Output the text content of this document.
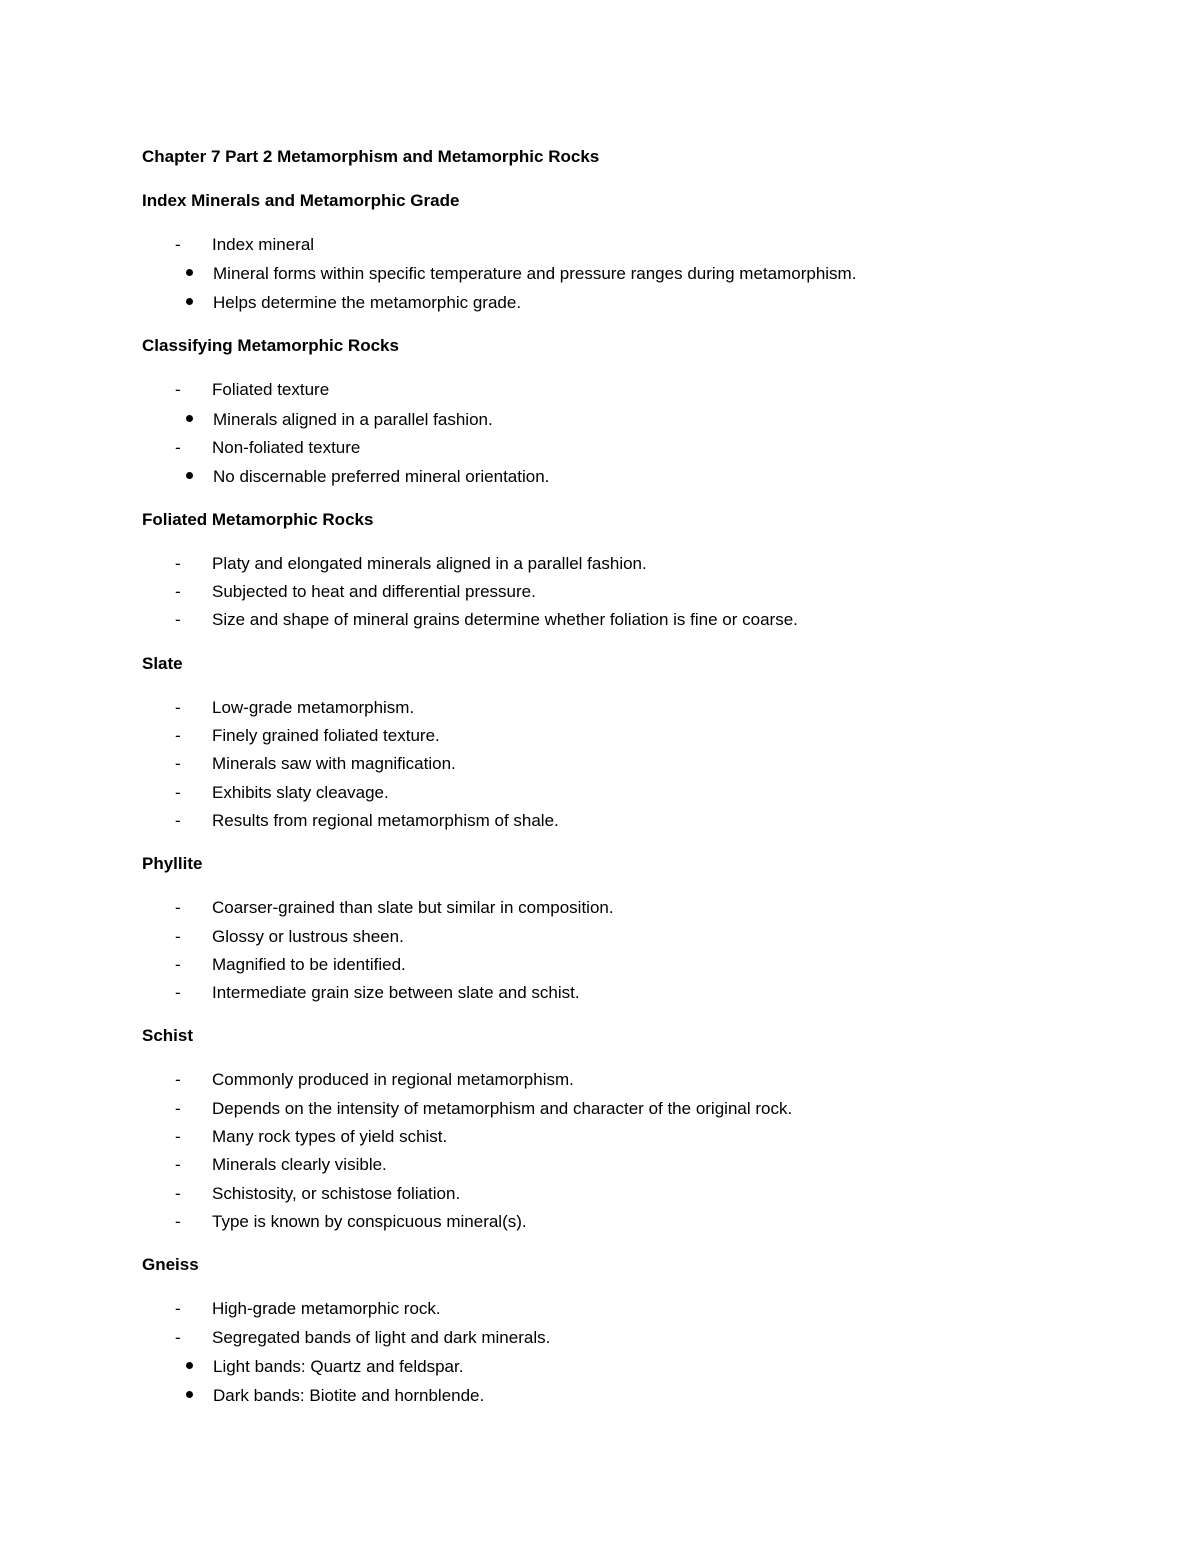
Chapter 7 Part 2 Metamorphism and Metamorphic Rocks
Index Minerals and Metamorphic Grade
- Index mineral
Mineral forms within specific temperature and pressure ranges during metamorphism.
Helps determine the metamorphic grade.
Classifying Metamorphic Rocks
- Foliated texture
Minerals aligned in a parallel fashion.
- Non-foliated texture
No discernable preferred mineral orientation.
Foliated Metamorphic Rocks
- Platy and elongated minerals aligned in a parallel fashion.
- Subjected to heat and differential pressure.
- Size and shape of mineral grains determine whether foliation is fine or coarse.
Slate
- Low-grade metamorphism.
- Finely grained foliated texture.
- Minerals saw with magnification.
- Exhibits slaty cleavage.
- Results from regional metamorphism of shale.
Phyllite
- Coarser-grained than slate but similar in composition.
- Glossy or lustrous sheen.
- Magnified to be identified.
- Intermediate grain size between slate and schist.
Schist
- Commonly produced in regional metamorphism.
- Depends on the intensity of metamorphism and character of the original rock.
- Many rock types of yield schist.
- Minerals clearly visible.
- Schistosity, or schistose foliation.
- Type is known by conspicuous mineral(s).
Gneiss
- High-grade metamorphic rock.
- Segregated bands of light and dark minerals.
Light bands: Quartz and feldspar.
Dark bands: Biotite and hornblende.
